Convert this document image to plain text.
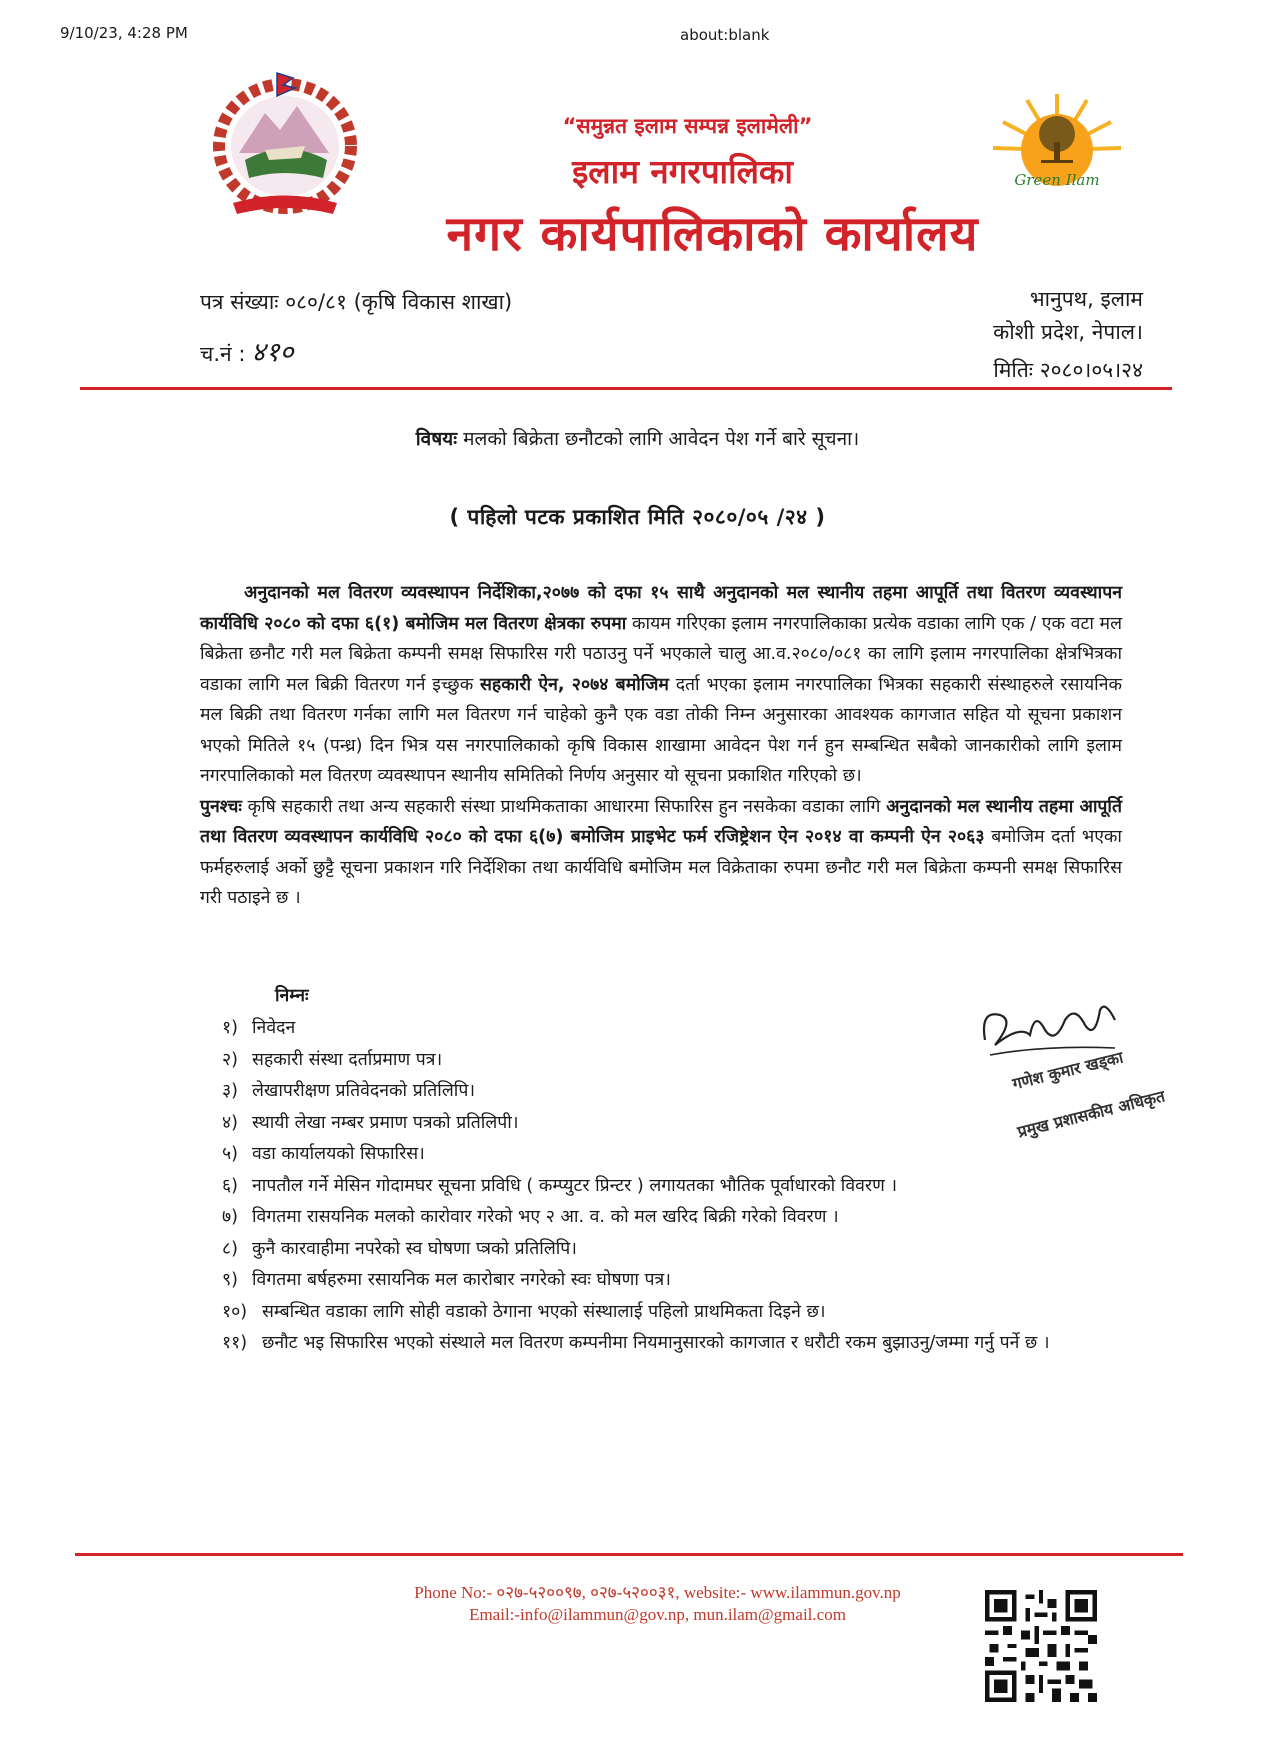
9/10/23, 4:28 PM	about:blank
Green Ilam
“समुन्नत इलाम सम्पन्न इलामेली”
इलाम नगरपालिका
नगर कार्यपालिकाको कार्यालय
पत्र संख्याः ०८०/८१ (कृषि विकास शाखा)
च.नं : ४१०
भानुपथ, इलाम
कोशी प्रदेश, नेपाल।
मितिः २०८०।०५।२४
विषयः मलको बिक्रेता छनौटको लागि आवेदन पेश गर्ने बारे सूचना।
( पहिलो पटक प्रकाशित मिति २०८०/०५ /२४ )

अनुदानको मल वितरण व्यवस्थापन निर्देशिका,२०७७ को दफा १५ साथै अनुदानको मल स्थानीय तहमा आपूर्ति तथा वितरण व्यवस्थापन कार्यविधि २०८० को दफा ६(१) बमोजिम मल वितरण क्षेत्रका रुपमा कायम गरिएका इलाम नगरपालिकाका प्रत्येक वडाका लागि एक / एक वटा मल बिक्रेता छनौट गरी मल बिक्रेता कम्पनी समक्ष सिफारिस गरी पठाउनु पर्ने भएकाले चालु आ.व.२०८०/०८१ का लागि इलाम नगरपालिका क्षेत्रभित्रका वडाका लागि मल बिक्री वितरण गर्न इच्छुक सहकारी ऐन, २०७४ बमोजिम दर्ता भएका इलाम नगरपालिका भित्रका सहकारी संस्थाहरुले रसायनिक मल बिक्री तथा वितरण गर्नका लागि मल वितरण गर्न चाहेको कुनै एक वडा तोकी निम्न अनुसारका आवश्यक कागजात सहित यो सूचना प्रकाशन भएको मितिले १५ (पन्ध्र) दिन भित्र यस नगरपालिकाको कृषि विकास शाखामा आवेदन पेश गर्न हुन सम्बन्धित सबैको जानकारीको लागि इलाम नगरपालिकाको मल वितरण व्यवस्थापन स्थानीय समितिको निर्णय अनुसार यो सूचना प्रकाशित गरिएको छ।

पुनश्चः कृषि सहकारी तथा अन्य सहकारी संस्था प्राथमिकताका आधारमा सिफारिस हुन नसकेका वडाका लागि अनुदानको मल स्थानीय तहमा आपूर्ति तथा वितरण व्यवस्थापन कार्यविधि २०८० को दफा ६(७) बमोजिम प्राइभेट फर्म रजिष्ट्रेशन ऐन २०१४ वा कम्पनी ऐन २०६३ बमोजिम दर्ता भएका फर्महरुलाई अर्को छुट्टै सूचना प्रकाशन गरि निर्देशिका तथा कार्यविधि बमोजिम मल विक्रेताका रुपमा छनौट गरी मल बिक्रेता कम्पनी समक्ष सिफारिस गरी पठाइने छ ।

निम्नः
१) निवेदन
२) सहकारी संस्था दर्ताप्रमाण पत्र।
३) लेखापरीक्षण प्रतिवेदनको प्रतिलिपि।
४) स्थायी लेखा नम्बर प्रमाण पत्रको प्रतिलिपी।
५) वडा कार्यालयको सिफारिस।
६) नापतौल गर्ने मेसिन गोदामघर सूचना प्रविधि ( कम्प्युटर प्रिन्टर ) लगायतका भौतिक पूर्वाधारको विवरण ।
७) विगतमा रासयनिक मलको कारोवार गरेको भए २ आ. व. को मल खरिद बिक्री गरेको विवरण ।
८) कुनै कारवाहीमा नपरेको स्व घोषणा प्त्रको प्रतिलिपि।
९) विगतमा बर्षहरुमा रसायनिक मल कारोबार नगरेको स्वः घोषणा पत्र।
१०) सम्बन्धित वडाका लागि सोही वडाको ठेगाना भएको संस्थालाई पहिलो प्राथमिकता दिइने छ।
११) छनौट भइ सिफारिस भएको संस्थाले मल वितरण कम्पनीमा नियमानुसारको कागजात र धरौटी रकम बुझाउनु/जम्मा गर्नु पर्ने छ ।
गणेश कुमार खड्का
प्रमुख प्रशासकीय अधिकृत
Phone No:- ०२७-५२००९७, ०२७-५२००३१, website:- www.ilammun.gov.np
Email:-info@ilammun@gov.np, mun.ilam@gmail.com
